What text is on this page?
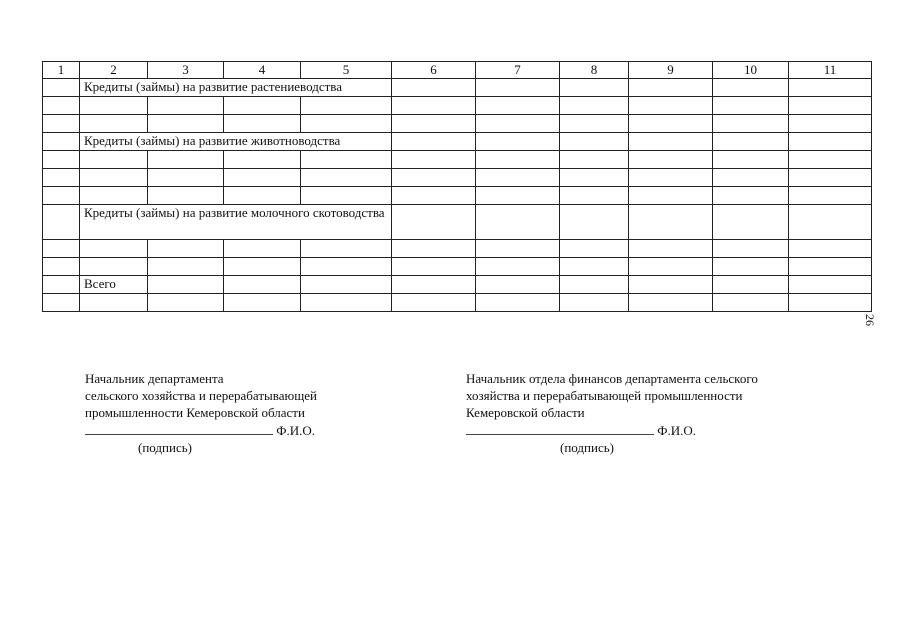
1	2	3	4	5	6	7	8	9	10	11
	Кредиты (займы) на развитие растениеводства									

	Кредиты (займы) на развитие животноводства									

	Кредиты (займы) на развитие молочного скотоводства									

	Всего									

26
Начальник департамента
сельского хозяйства и перерабатывающей
промышленности Кемеровской области
Ф.И.О.
(подпись)
Начальник отдела финансов департамента сельского
хозяйства и перерабатывающей промышленности
Кемеровской области
Ф.И.О.
(подпись)
